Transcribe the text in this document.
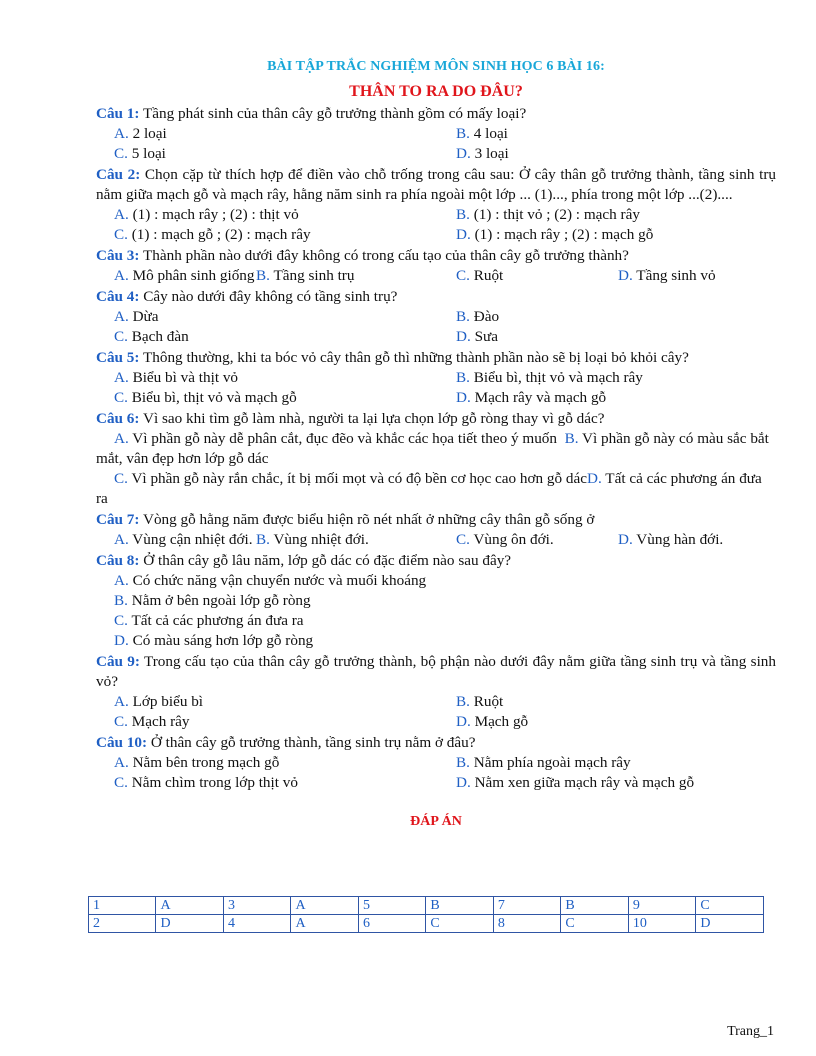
BÀI TẬP TRẮC NGHIỆM MÔN SINH HỌC 6 BÀI 16:
THÂN TO RA DO ĐÂU?
Câu 1: Tầng phát sinh của thân cây gỗ trưởng thành gồm có mấy loại?
A. 2 loại	B. 4 loại
C. 5 loại	D. 3 loại
Câu 2: Chọn cặp từ thích hợp để điền vào chỗ trống trong câu sau: Ở cây thân gỗ trưởng thành, tầng sinh trụ nằm giữa mạch gỗ và mạch rây, hằng năm sinh ra phía ngoài một lớp ... (1)..., phía trong một lớp ...(2)....
A. (1) : mạch rây ; (2) : thịt vỏ	B. (1) : thịt vỏ ; (2) : mạch rây
C. (1) : mạch gỗ ; (2) : mạch rây	D. (1) : mạch rây ; (2) : mạch gỗ
Câu 3: Thành phần nào dưới đây không có trong cấu tạo của thân cây gỗ trưởng thành?
A. Mô phân sinh giống B. Tầng sinh trụ	C. Ruột	D. Tầng sinh vỏ
Câu 4: Cây nào dưới đây không có tầng sinh trụ?
A. Dừa	B. Đào
C. Bạch đàn	D. Sưa
Câu 5: Thông thường, khi ta bóc vỏ cây thân gỗ thì những thành phần nào sẽ bị loại bỏ khỏi cây?
A. Biểu bì và thịt vỏ	B. Biểu bì, thịt vỏ và mạch rây
C. Biểu bì, thịt vỏ và mạch gỗ	D. Mạch rây và mạch gỗ
Câu 6: Vì sao khi tìm gỗ làm nhà, người ta lại lựa chọn lớp gỗ ròng thay vì gỗ dác?
A. Vì phần gỗ này dễ phân cắt, đục đẽo và khắc các họa tiết theo ý muốn B. Vì phần gỗ này có màu sắc bắt mắt, vân đẹp hơn lớp gỗ dác
C. Vì phần gỗ này rắn chắc, ít bị mối mọt và có độ bền cơ học cao hơn gỗ dácD. Tất cả các phương án đưa ra
Câu 7: Vòng gỗ hằng năm được biểu hiện rõ nét nhất ở những cây thân gỗ sống ở
A. Vùng cận nhiệt đới. B. Vùng nhiệt đới.	C. Vùng ôn đới.	D. Vùng hàn đới.
Câu 8: Ở thân cây gỗ lâu năm, lớp gỗ dác có đặc điểm nào sau đây?
A. Có chức năng vận chuyển nước và muối khoáng
B. Nằm ở bên ngoài lớp gỗ ròng
C. Tất cả các phương án đưa ra
D. Có màu sáng hơn lớp gỗ ròng
Câu 9: Trong cấu tạo của thân cây gỗ trưởng thành, bộ phận nào dưới đây nằm giữa tầng sinh trụ và tầng sinh vỏ?
A. Lớp biểu bì	B. Ruột
C. Mạch rây	D. Mạch gỗ
Câu 10: Ở thân cây gỗ trưởng thành, tầng sinh trụ nằm ở đâu?
A. Nằm bên trong mạch gỗ	B. Nằm phía ngoài mạch rây
C. Nằm chìm trong lớp thịt vỏ	D. Nằm xen giữa mạch rây và mạch gỗ
ĐÁP ÁN
1	A	3	A	5	B	7	B	9	C
2	D	4	A	6	C	8	C	10	D
Trang_1
